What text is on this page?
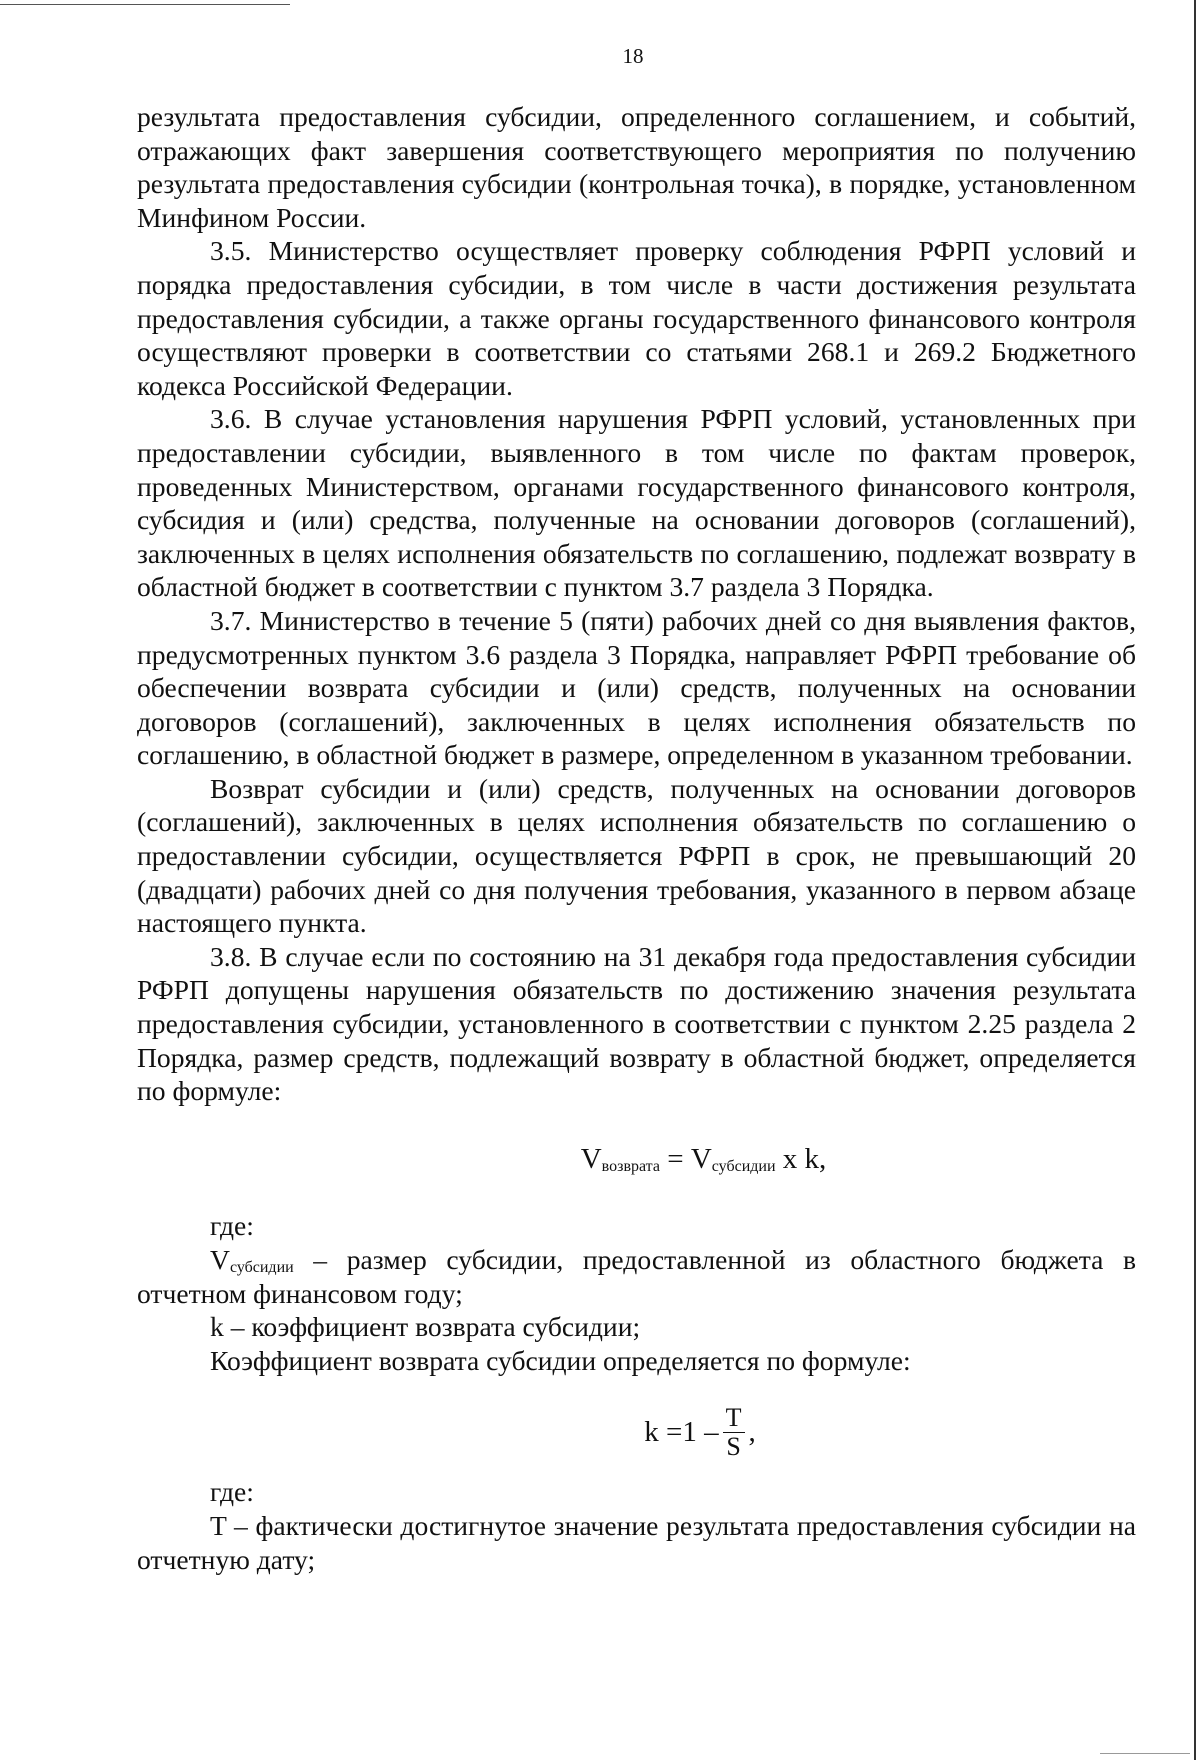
18

результата предоставления субсидии, определенного соглашением, и событий, отражающих факт завершения соответствующего мероприятия по получению результата предоставления субсидии (контрольная точка), в порядке, установленном Минфином России.

3.5. Министерство осуществляет проверку соблюдения РФРП условий и порядка предоставления субсидии, в том числе в части достижения результата предоставления субсидии, а также органы государственного финансового контроля осуществляют проверки в соответствии со статьями 268.1 и 269.2 Бюджетного кодекса Российской Федерации.

3.6. В случае установления нарушения РФРП условий, установленных при предоставлении субсидии, выявленного в том числе по фактам проверок, проведенных Министерством, органами государственного финансового контроля, субсидия и (или) средства, полученные на основании договоров (соглашений), заключенных в целях исполнения обязательств по соглашению, подлежат возврату в областной бюджет в соответствии с пунктом 3.7 раздела 3 Порядка.

3.7. Министерство в течение 5 (пяти) рабочих дней со дня выявления фактов, предусмотренных пунктом 3.6 раздела 3 Порядка, направляет РФРП требование об обеспечении возврата субсидии и (или) средств, полученных на основании договоров (соглашений), заключенных в целях исполнения обязательств по соглашению, в областной бюджет в размере, определенном в указанном требовании.

Возврат субсидии и (или) средств, полученных на основании договоров (соглашений), заключенных в целях исполнения обязательств по соглашению о предоставлении субсидии, осуществляется РФРП в срок, не превышающий 20 (двадцати) рабочих дней со дня получения требования, указанного в первом абзаце настоящего пункта.

3.8. В случае если по состоянию на 31 декабря года предоставления субсидии РФРП допущены нарушения обязательств по достижению значения результата предоставления субсидии, установленного в соответствии с пунктом 2.25 раздела 2 Порядка, размер средств, подлежащий возврату в областной бюджет, определяется по формуле:

$V_{возврата} = V_{субсидии}$ x k,

где:

$V_{субсидии}$ – размер субсидии, предоставленной из областного бюджета в отчетном финансовом году;

k – коэффициент возврата субсидии;

Коэффициент возврата субсидии определяется по формуле:

$k =1 - \frac{T}{S}$ ,

где:

T – фактически достигнутое значение результата предоставления субсидии на отчетную дату;
